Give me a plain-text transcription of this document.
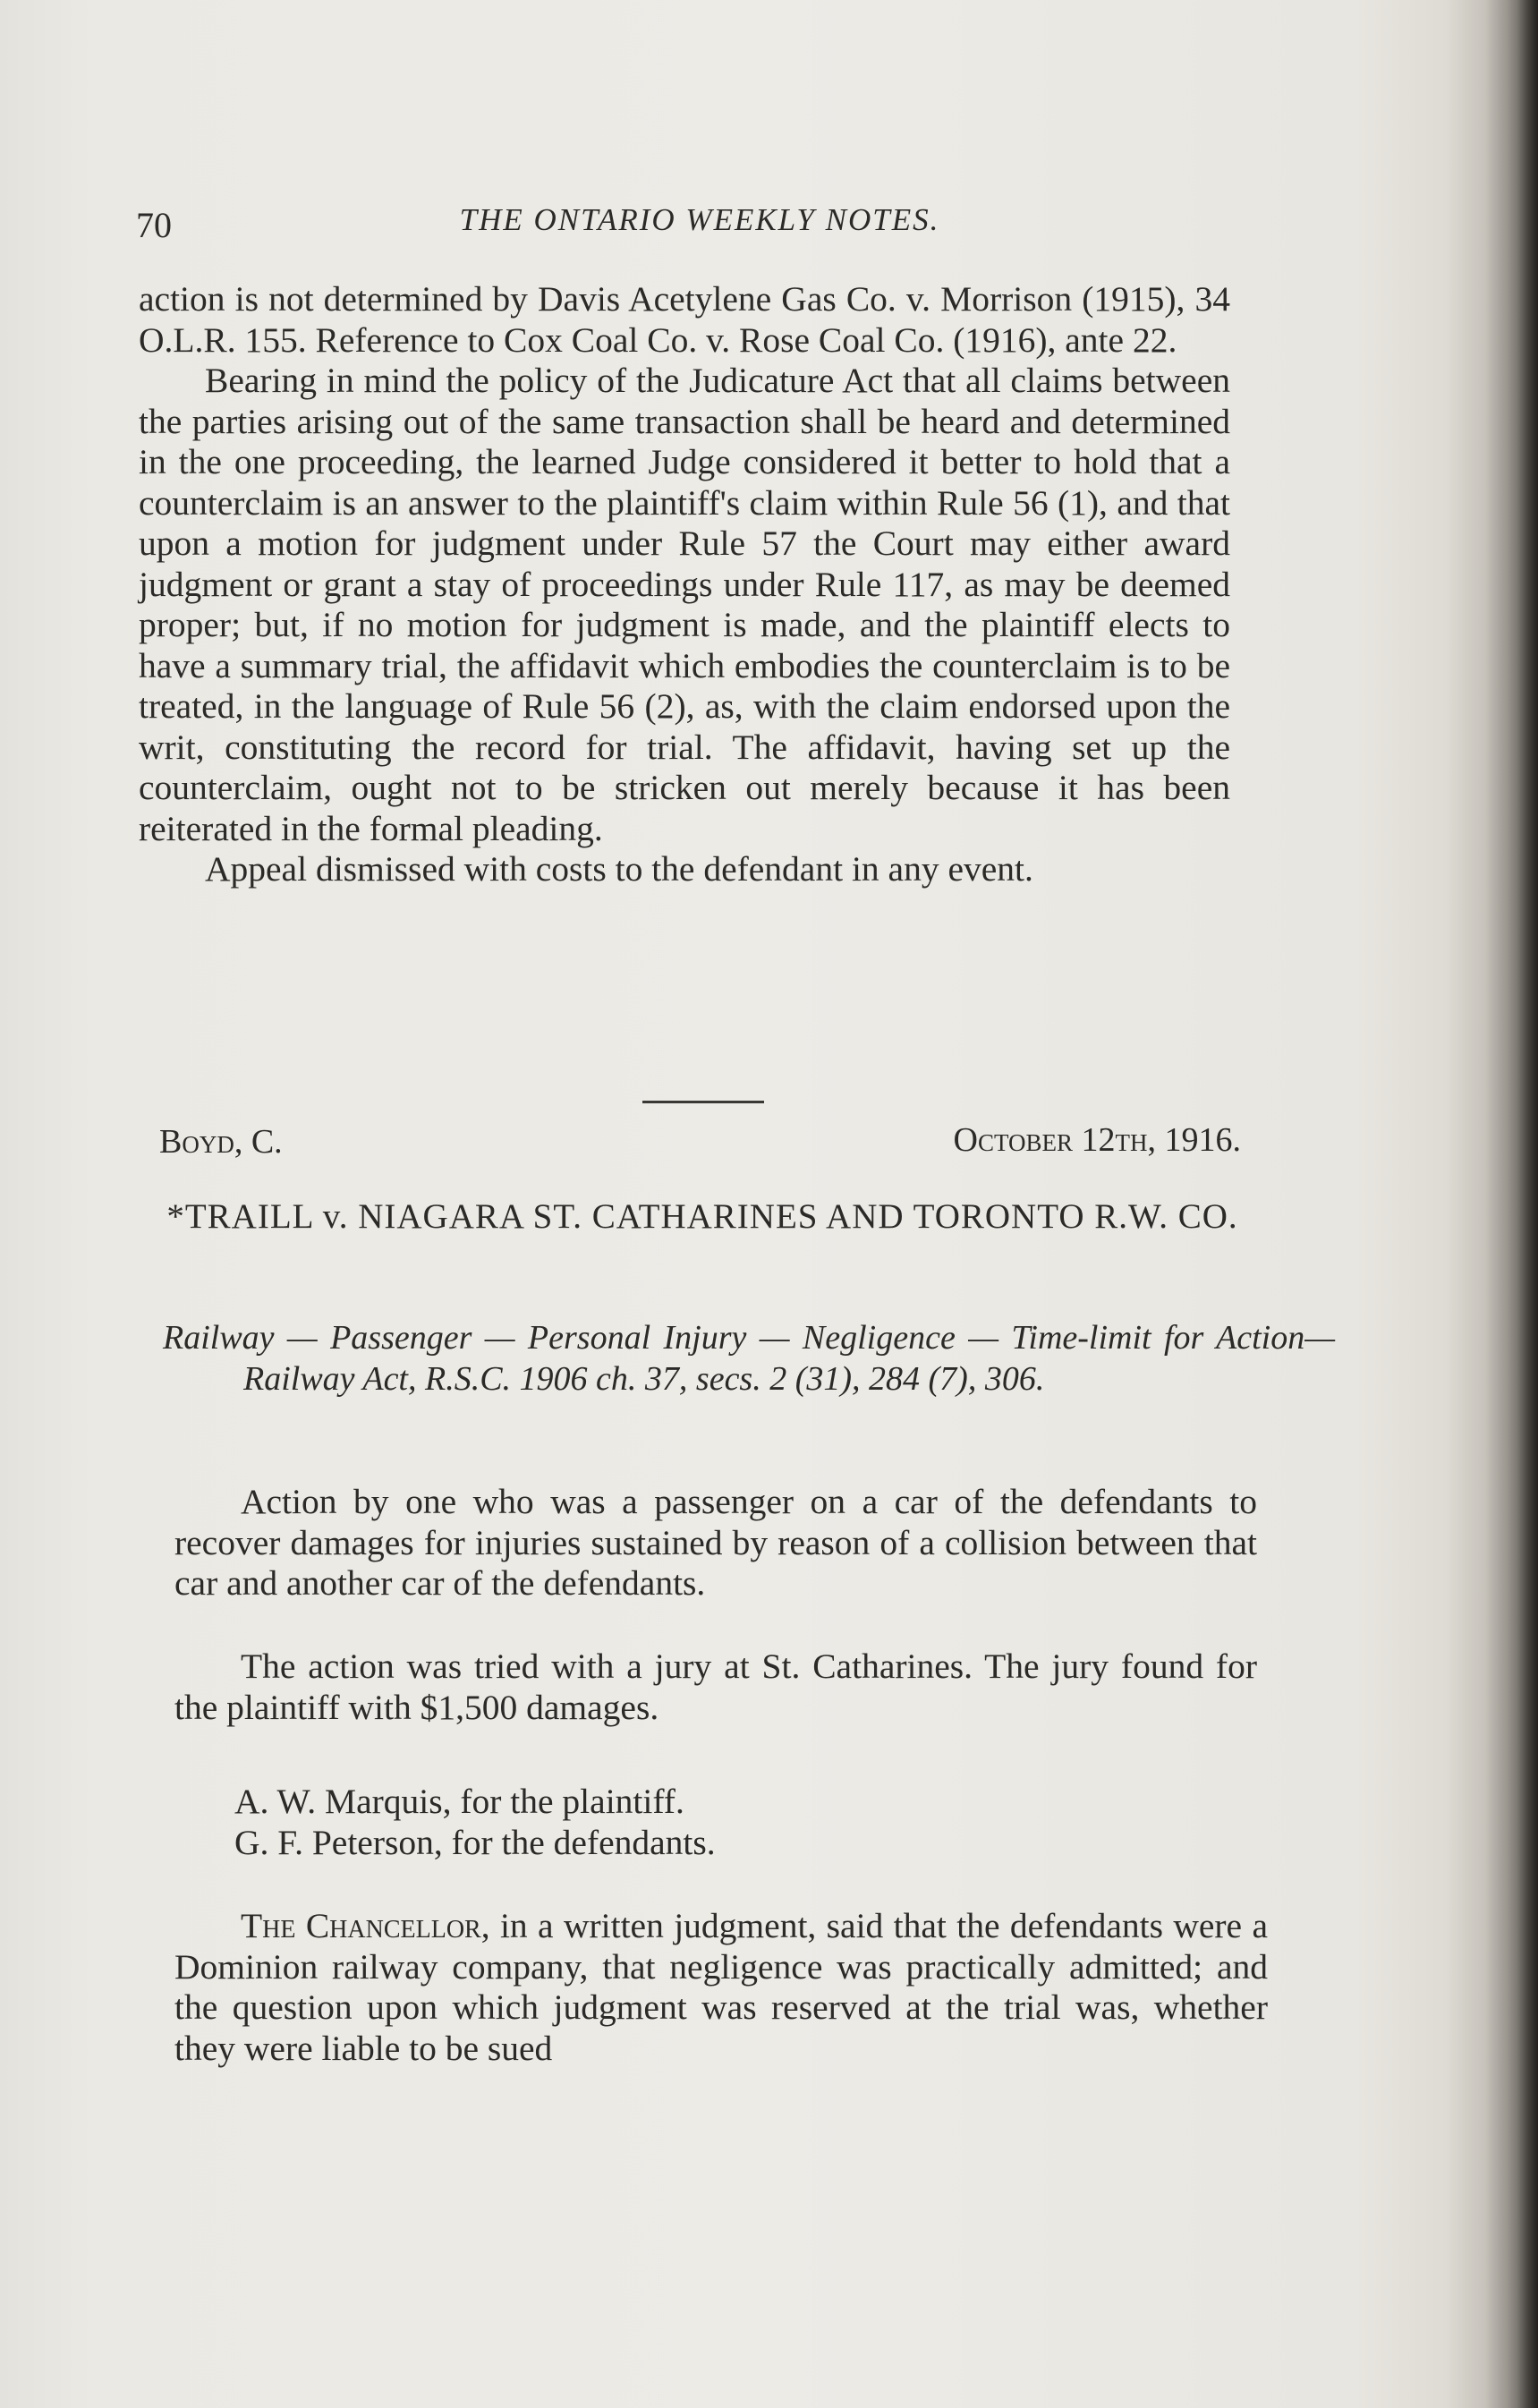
70	THE ONTARIO WEEKLY NOTES.

action is not determined by Davis Acetylene Gas Co. v. Morrison (1915), 34 O.L.R. 155. Reference to Cox Coal Co. v. Rose Coal Co. (1916), ante 22.

Bearing in mind the policy of the Judicature Act that all claims between the parties arising out of the same transaction shall be heard and determined in the one proceeding, the learned Judge considered it better to hold that a counterclaim is an answer to the plaintiff's claim within Rule 56 (1), and that upon a motion for judgment under Rule 57 the Court may either award judgment or grant a stay of proceedings under Rule 117, as may be deemed proper; but, if no motion for judgment is made, and the plaintiff elects to have a summary trial, the affidavit which embodies the counterclaim is to be treated, in the language of Rule 56 (2), as, with the claim endorsed upon the writ, constituting the record for trial. The affidavit, having set up the counterclaim, ought not to be stricken out merely because it has been reiterated in the formal pleading.

Appeal dismissed with costs to the defendant in any event.

Boyd, C.	October 12th, 1916.
*TRAILL v. NIAGARA ST. CATHARINES AND TORONTO R.W. CO.
Railway — Passenger — Personal Injury — Negligence — Time-limit for Action—Railway Act, R.S.C. 1906 ch. 37, secs. 2 (31), 284 (7), 306.

Action by one who was a passenger on a car of the defendants to recover damages for injuries sustained by reason of a collision between that car and another car of the defendants.

The action was tried with a jury at St. Catharines. The jury found for the plaintiff with $1,500 damages.

A. W. Marquis, for the plaintiff.
G. F. Peterson, for the defendants.

The Chancellor, in a written judgment, said that the defendants were a Dominion railway company, that negligence was practically admitted; and the question upon which judgment was reserved at the trial was, whether they were liable to be sued
